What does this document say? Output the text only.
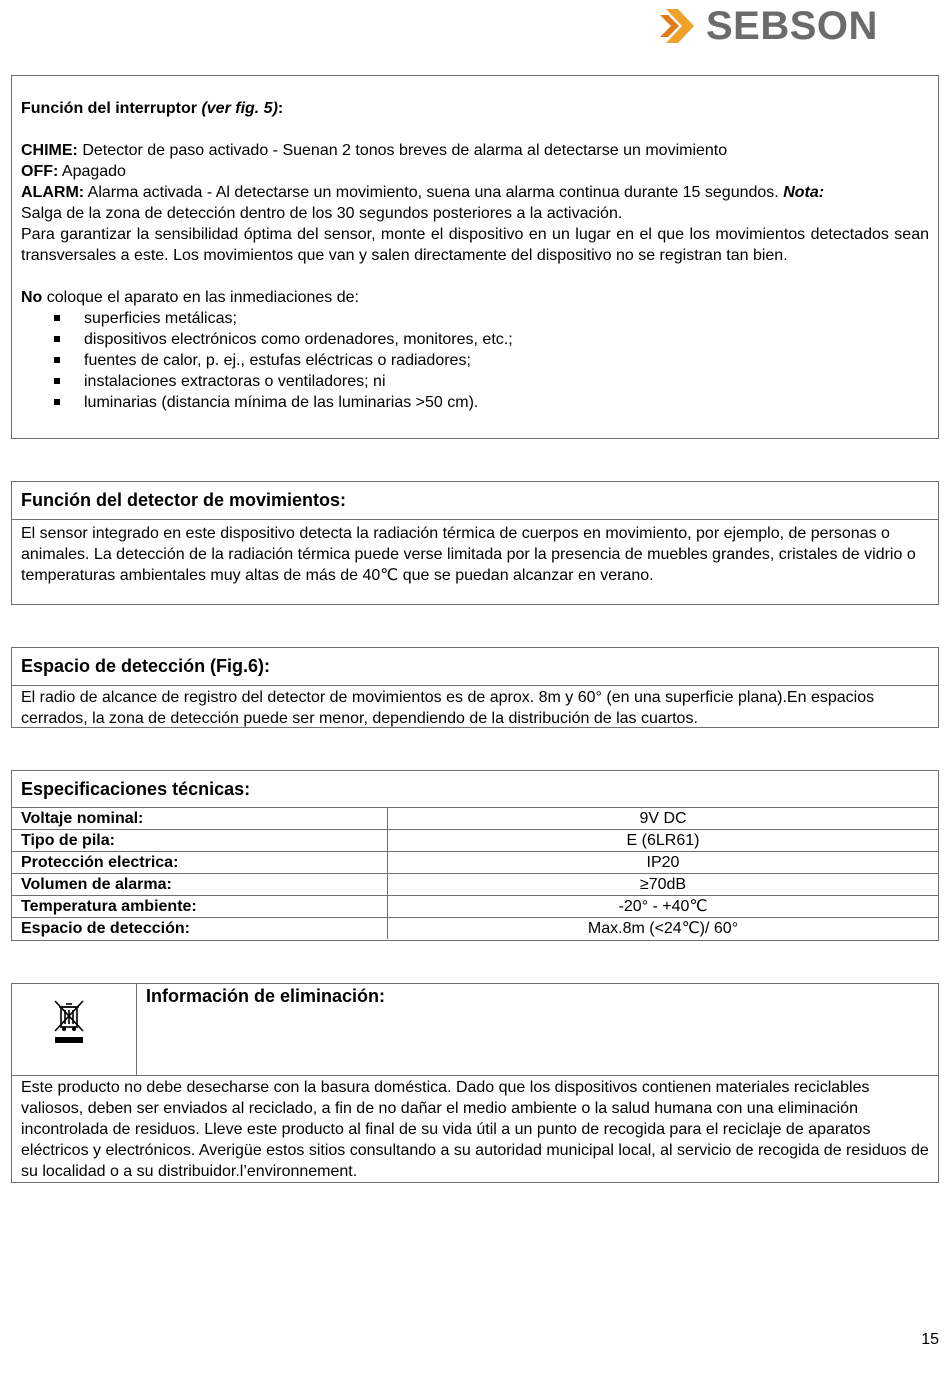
SEBSON

Función del interruptor (ver fig. 5):

CHIME: Detector de paso activado - Suenan 2 tonos breves de alarma al detectarse un movimiento

OFF: Apagado

ALARM: Alarma activada - Al detectarse un movimiento, suena una alarma continua durante 15 segundos. Nota:
Salga de la zona de detección dentro de los 30 segundos posteriores a la activación.

Para garantizar la sensibilidad óptima del sensor, monte el dispositivo en un lugar en el que los movimientos detectados sean transversales a este. Los movimientos que van y salen directamente del dispositivo no se registran tan bien.

No coloque el aparato en las inmediaciones de:

superficies metálicas;
dispositivos electrónicos como ordenadores, monitores, etc.;
fuentes de calor, p. ej., estufas eléctricas o radiadores;
instalaciones extractoras o ventiladores; ni
luminarias (distancia mínima de las luminarias >50 cm).
Función del detector de movimientos:

El sensor integrado en este dispositivo detecta la radiación térmica de cuerpos en movimiento, por ejemplo, de personas o animales. La detección de la radiación térmica puede verse limitada por la presencia de muebles grandes, cristales de vidrio o temperaturas ambientales muy altas de más de 40℃ que se puedan alcanzar en verano.

Espacio de detección (Fig.6):

El radio de alcance de registro del detector de movimientos es de aprox. 8m y 60° (en una superficie plana).En espacios cerrados, la zona de detección puede ser menor, dependiendo de la distribución de las cuartos.

Especificaciones técnicas:
Voltaje nominal:	9V DC
Tipo de pila:	E (6LR61)
Protección electrica:	IP20
Volumen de alarma:	≥70dB
Temperatura ambiente:	-20° - +40℃
Espacio de detección:	Max.8m (<24℃)/ 60°
Información de eliminación:

Este producto no debe desecharse con la basura doméstica. Dado que los dispositivos contienen materiales reciclables valiosos, deben ser enviados al reciclado, a fin de no dañar el medio ambiente o la salud humana con una eliminación incontrolada de residuos. Lleve este producto al final de su vida útil a un punto de recogida para el reciclaje de aparatos eléctricos y electrónicos. Averigüe estos sitios consultando a su autoridad municipal local, al servicio de recogida de residuos de su localidad o a su distribuidor.l’environnement.

15
